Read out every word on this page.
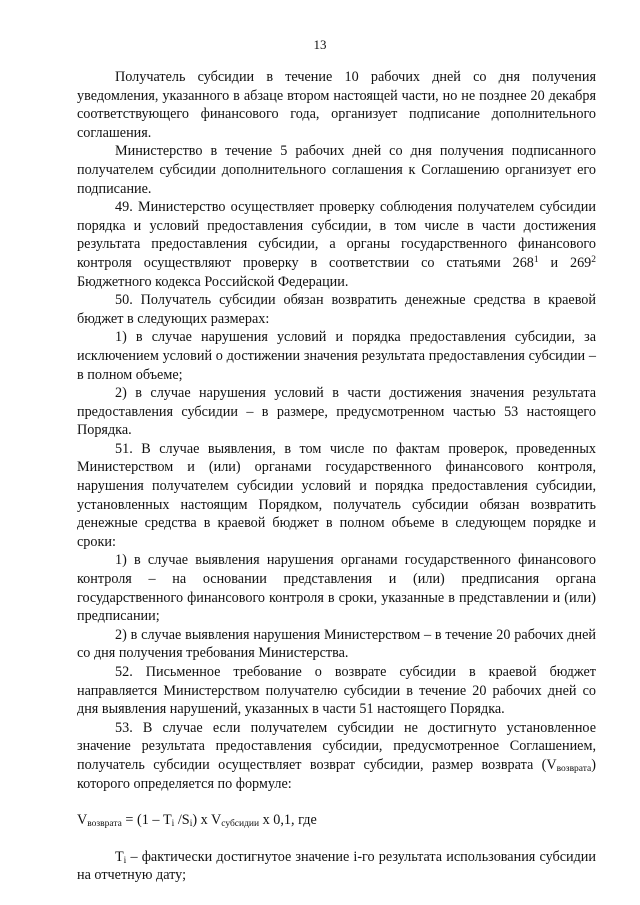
13

Получатель субсидии в течение 10 рабочих дней со дня получения уведомления, указанного в абзаце втором настоящей части, но не позднее 20 декабря соответствующего финансового года, организует подписание дополнительного соглашения.

Министерство в течение 5 рабочих дней со дня получения подписанного получателем субсидии дополнительного соглашения к Соглашению организует его подписание.

49. Министерство осуществляет проверку соблюдения получателем субсидии порядка и условий предоставления субсидии, в том числе в части достижения результата предоставления субсидии, а органы государственного финансового контроля осуществляют проверку в соответствии со статьями $268^1$ и $269^2$ Бюджетного кодекса Российской Федерации.

50. Получатель субсидии обязан возвратить денежные средства в краевой бюджет в следующих размерах:

1) в случае нарушения условий и порядка предоставления субсидии, за исключением условий о достижении значения результата предоставления субсидии – в полном объеме;

2) в случае нарушения условий в части достижения значения результата предоставления субсидии – в размере, предусмотренном частью 53 настоящего Порядка.

51. В случае выявления, в том числе по фактам проверок, проведенных Министерством и (или) органами государственного финансового контроля, нарушения получателем субсидии условий и порядка предоставления субсидии, установленных настоящим Порядком, получатель субсидии обязан возвратить денежные средства в краевой бюджет в полном объеме в следующем порядке и сроки:

1) в случае выявления нарушения органами государственного финансового контроля – на основании представления и (или) предписания органа государственного финансового контроля в сроки, указанные в представлении и (или) предписании;

2) в случае выявления нарушения Министерством – в течение 20 рабочих дней со дня получения требования Министерства.

52. Письменное требование о возврате субсидии в краевой бюджет направляется Министерством получателю субсидии в течение 20 рабочих дней со дня выявления нарушений, указанных в части 51 настоящего Порядка.

53. В случае если получателем субсидии не достигнуто установленное значение результата предоставления субсидии, предусмотренное Соглашением, получатель субсидии осуществляет возврат субсидии, размер возврата $(V_{возврата})$ которого определяется по формуле:

$V_{возврата} = (1 - T_i$ $/S_i$) x $V_{субсидии}$ x 0,1, где

$T_i$ – фактически достигнутое значение i-го результата использования субсидии на отчетную дату;
